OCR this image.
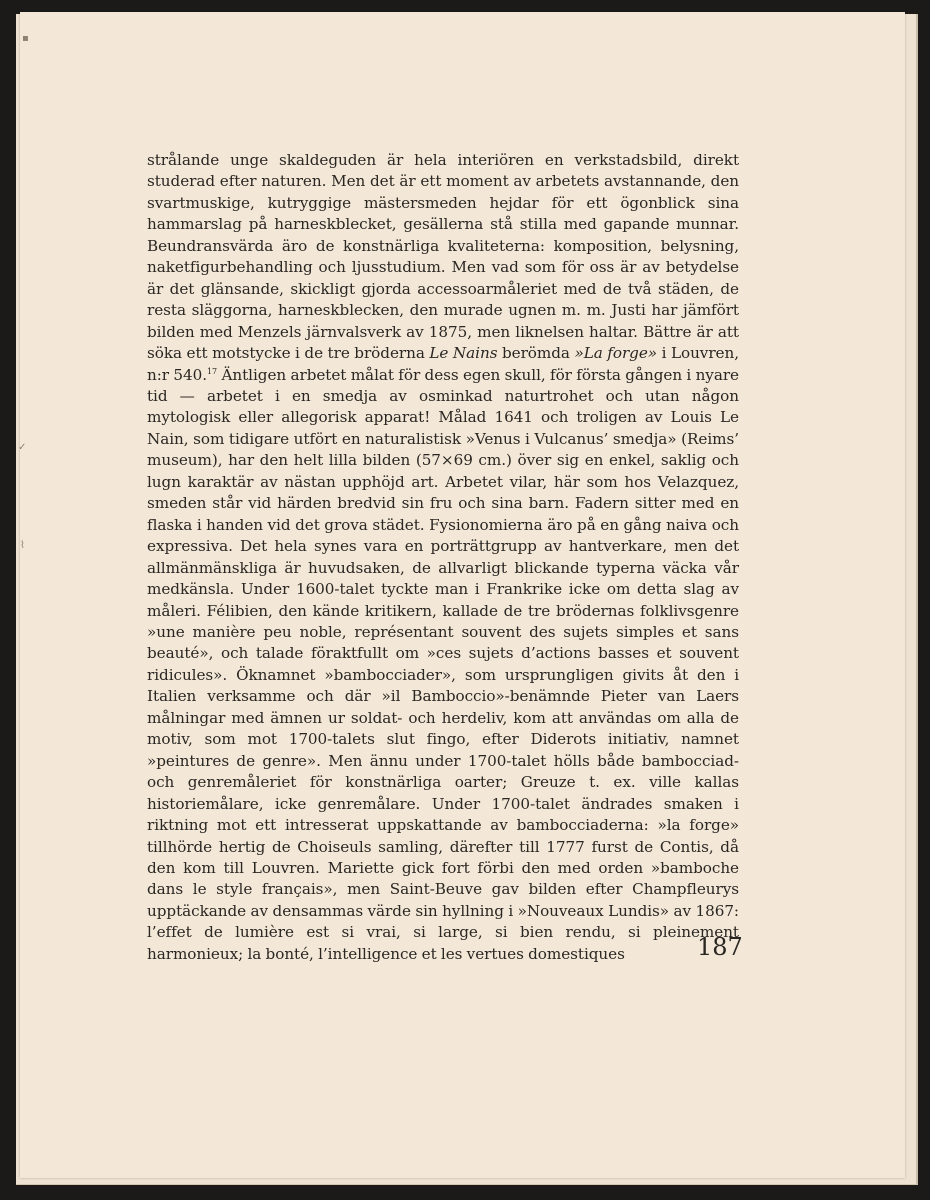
▪
✓
⌇

strålande unge skaldeguden är hela interiören en verkstadsbild, direkt studerad efter naturen. Men det är ett moment av arbetets avstannande, den svartmuskige, kutryggige mästersmeden hejdar för ett ögonblick sina hammarslag på harneskblecket, gesällerna stå stilla med gapande munnar. Beundransvärda äro de konstnärliga kvaliteterna: komposition, belysning, naketfigurbehandling och ljusstudium. Men vad som för oss är av betydelse är det glänsande, skickligt gjorda accessoarmåleriet med de två städen, de resta släggorna, harneskblecken, den murade ugnen m. m. Justi har jämfört bilden med Menzels järnvalsverk av 1875, men liknelsen haltar. Bättre är att söka ett motstycke i de tre bröderna Le Nains berömda »La forge» i Louvren, n:r 540.17 Äntligen arbetet målat för dess egen skull, för första gången i nyare tid — arbetet i en smedja av osminkad naturtrohet och utan någon mytologisk eller allegorisk apparat! Målad 1641 och troligen av Louis Le Nain, som tidigare utfört en naturalistisk »Venus i Vulcanus’ smedja» (Reims’ museum), har den helt lilla bilden (57×69 cm.) över sig en enkel, saklig och lugn karaktär av nästan upphöjd art. Arbetet vilar, här som hos Velazquez, smeden står vid härden bredvid sin fru och sina barn. Fadern sitter med en flaska i handen vid det grova städet. Fysionomierna äro på en gång naiva och expressiva. Det hela synes vara en porträttgrupp av hantverkare, men det allmänmänskliga är huvudsaken, de allvarligt blickande typerna väcka vår medkänsla. Under 1600-talet tyckte man i Frankrike icke om detta slag av måleri. Félibien, den kände kritikern, kallade de tre brödernas folklivsgenre »une manière peu noble, représentant souvent des sujets simples et sans beauté», och talade föraktfullt om »ces sujets d’actions basses et souvent ridicules». Öknamnet »bambocciader», som ursprungligen givits åt den i Italien verksamme och där »il Bamboccio»-benämnde Pieter van Laers målningar med ämnen ur soldat- och herdeliv, kom att användas om alla de motiv, som mot 1700-talets slut fingo, efter Diderots initiativ, namnet »peintures de genre». Men ännu under 1700-talet hölls både bambocciad- och genremåleriet för konstnärliga oarter; Greuze t. ex. ville kallas historiemålare, icke genremålare. Under 1700-talet ändrades smaken i riktning mot ett intresserat uppskattande av bambocciaderna: »la forge» tillhörde hertig de Choiseuls samling, därefter till 1777 furst de Contis, då den kom till Louvren. Mariette gick fort förbi den med orden »bamboche dans le style français», men Saint-Beuve gav bilden efter Champfleurys upptäckande av densammas värde sin hyllning i »Nouveaux Lundis» av 1867: l’effet de lumière est si vrai, si large, si bien rendu, si pleinement harmonieux; la bonté, l’intelligence et les vertues domestiques	187
